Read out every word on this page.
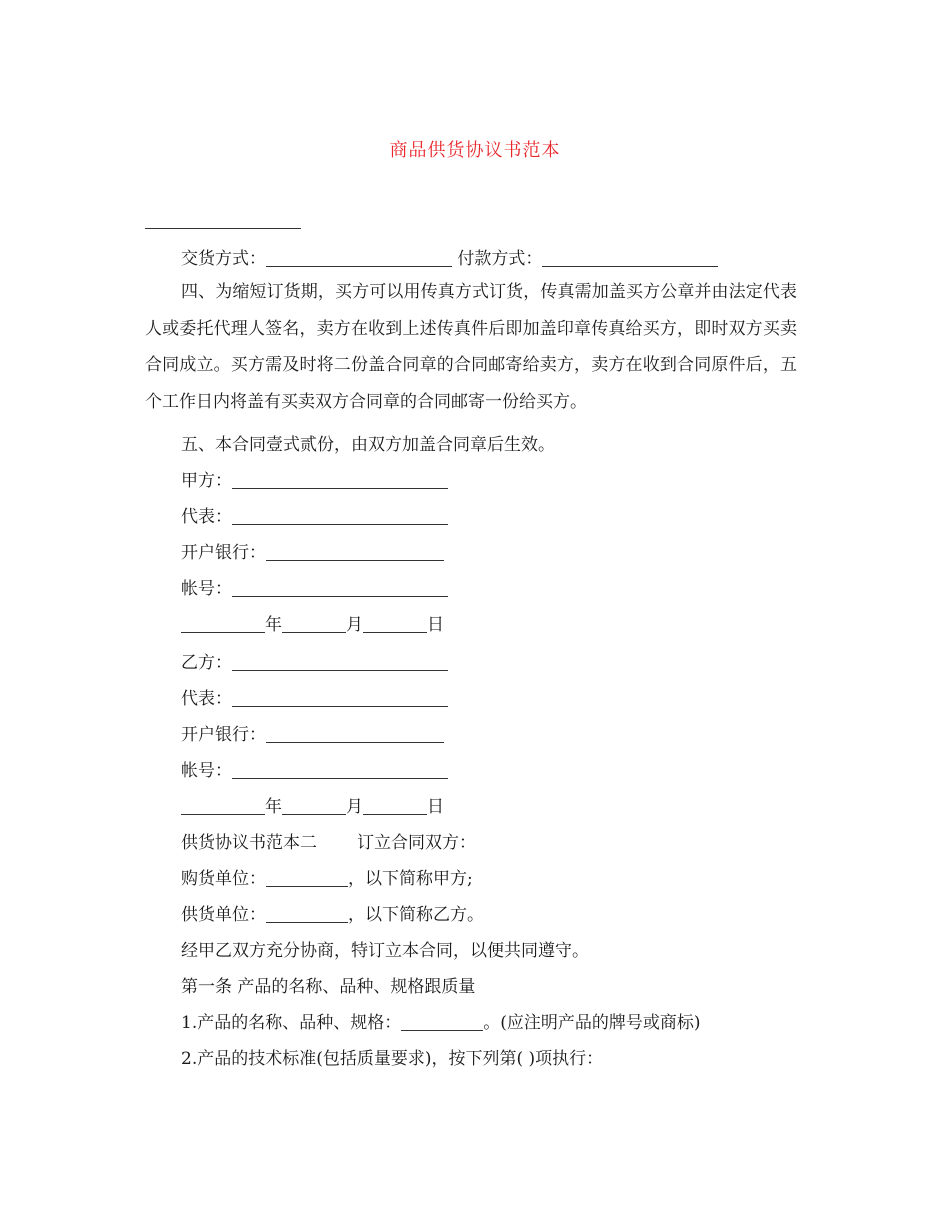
商品供货协议书范本
交货方式：	付款方式：
四、为缩短订货期，买方可以用传真方式订货，传真需加盖买方公章并由法定代表人或委托代理人签名，卖方在收到上述传真件后即加盖印章传真给买方，即时双方买卖合同成立。买方需及时将二份盖合同章的合同邮寄给卖方，卖方在收到合同原件后，五个工作日内将盖有买卖双方合同章的合同邮寄一份给买方。
五、本合同壹式贰份，由双方加盖合同章后生效。
甲方：
代表：
开户银行：
帐号：
年	月	日
乙方：
代表：
开户银行：
帐号：
年	月	日
供货协议书范本二 订立合同双方：
购货单位：	，以下简称甲方;
供货单位：	，以下简称乙方。
经甲乙双方充分协商，特订立本合同，以便共同遵守。
第一条 产品的名称、品种、规格跟质量
1.产品的名称、品种、规格：	。(应注明产品的牌号或商标)
2.产品的技术标准(包括质量要求)，按下列第( )项执行：
